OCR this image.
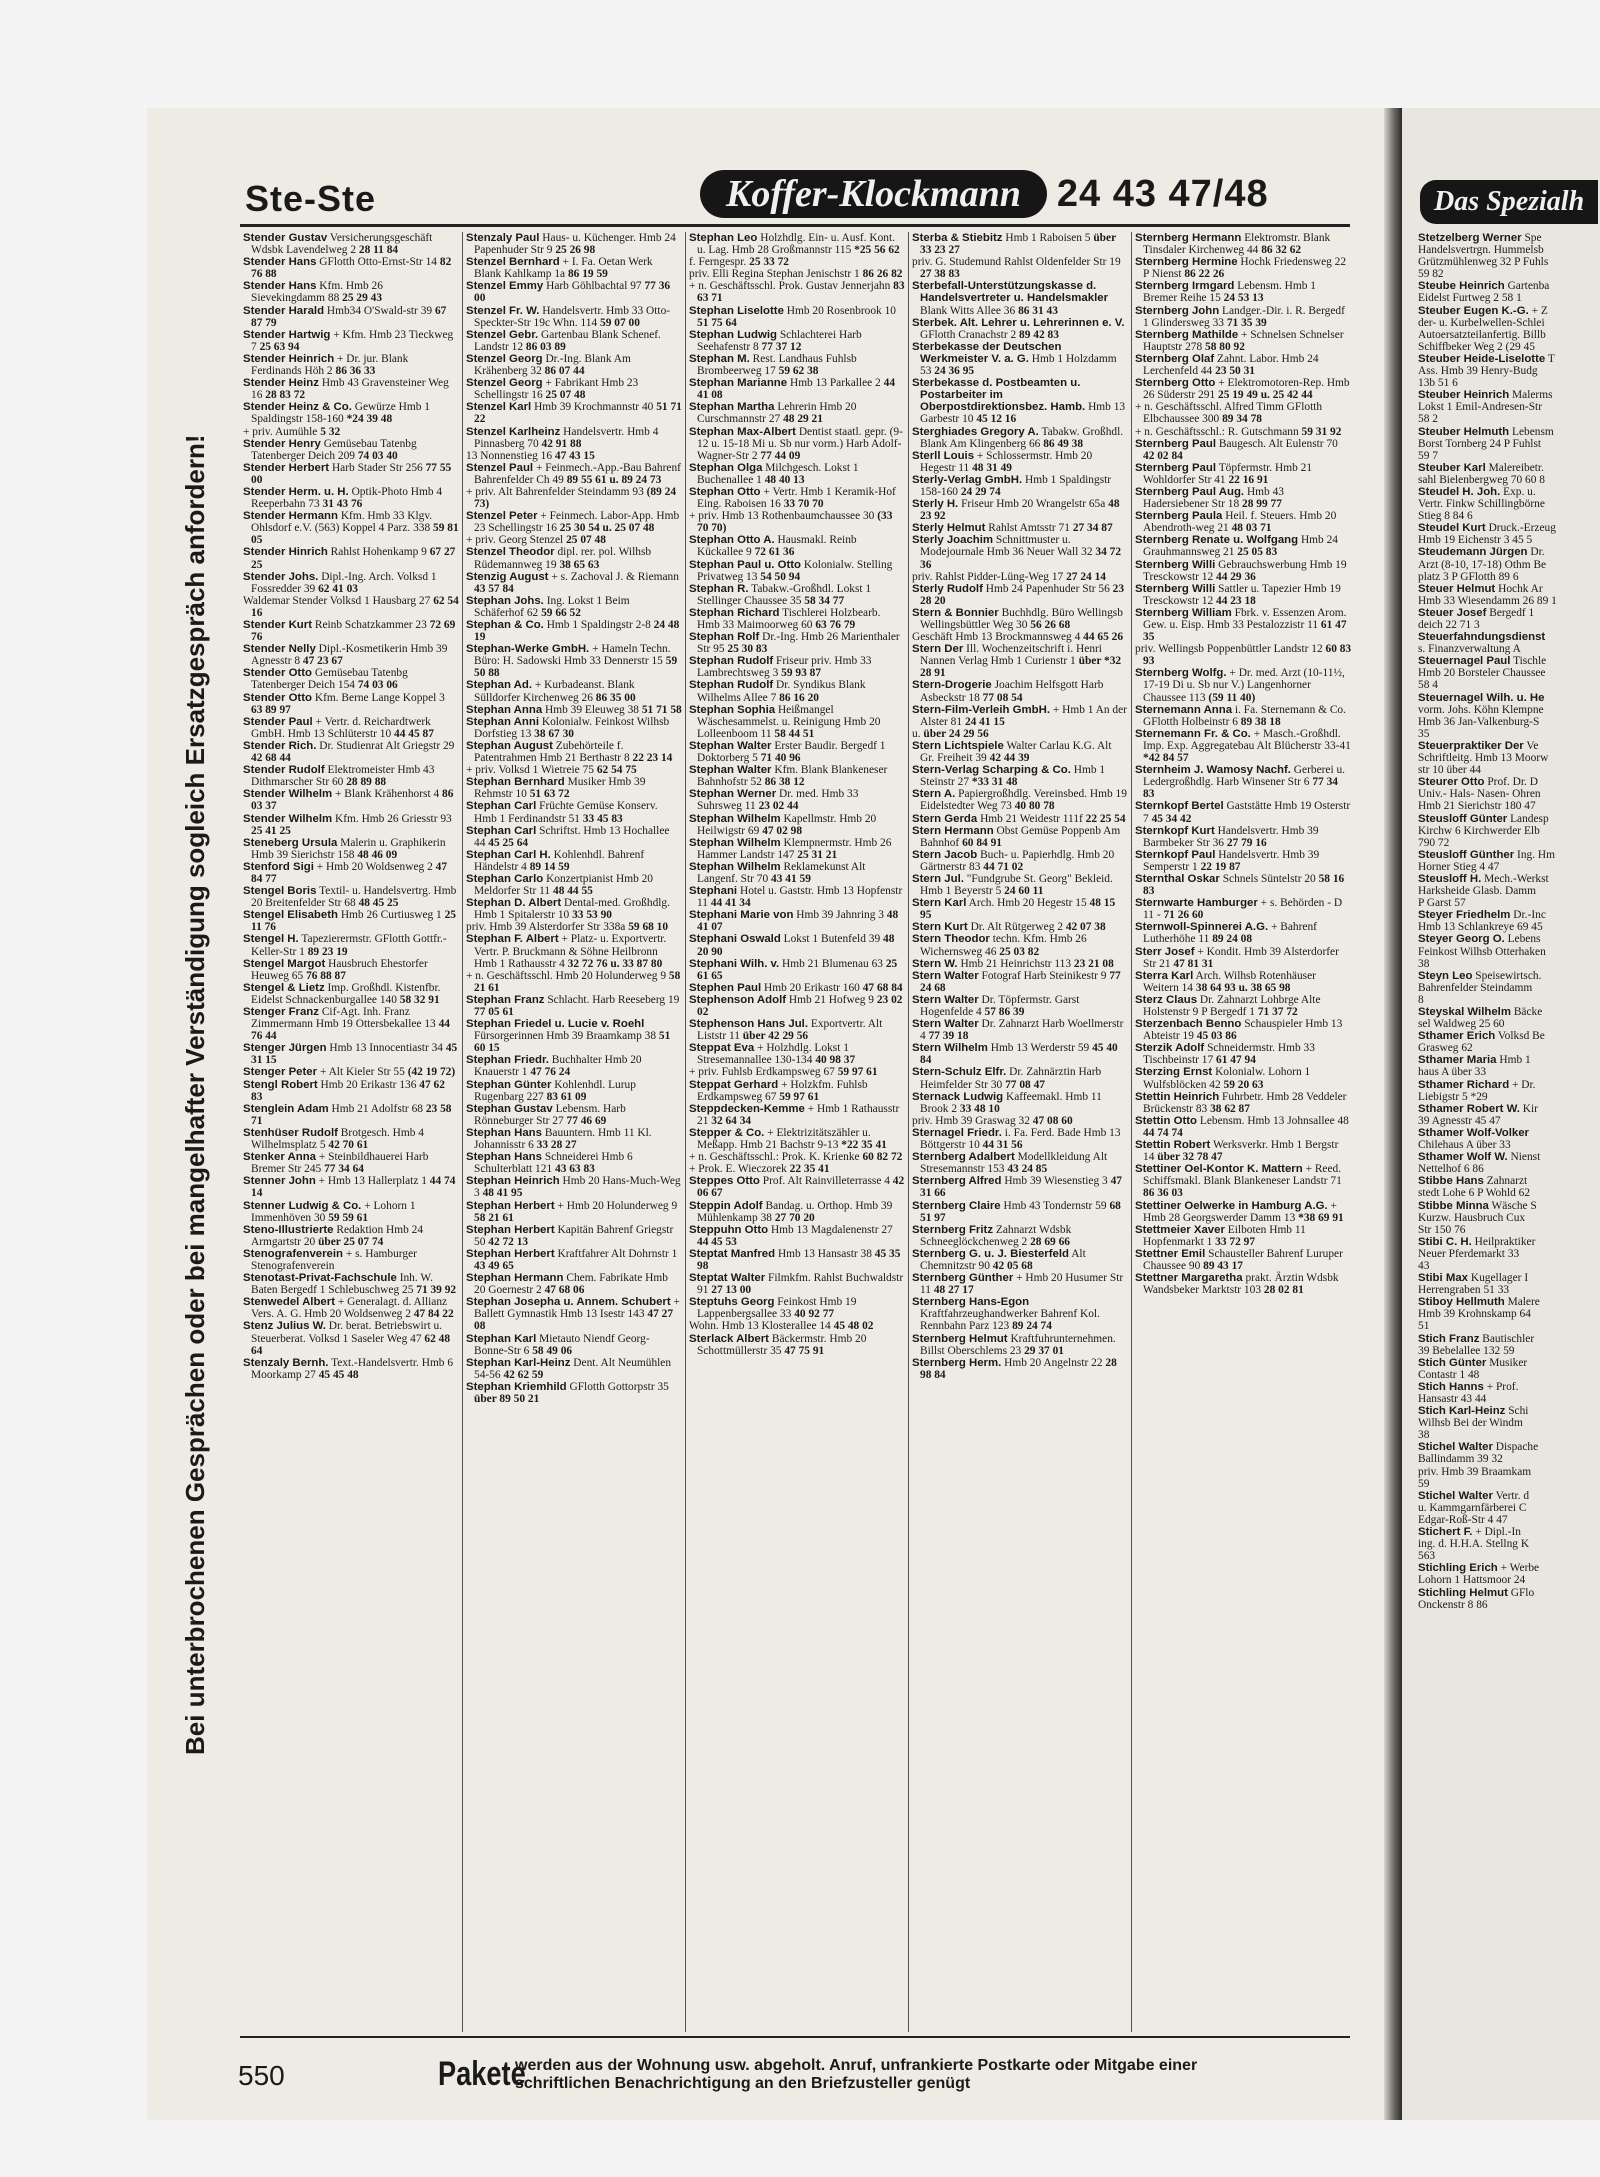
Ste-Ste	Koffer-Klockmann 24 43 47/48
Bei unterbrochenen Gesprächen oder bei mangelhafter Verständigung sogleich Ersatzgespräch anfordern!

Stender Gustav Versicherungsgeschäft Wdsbk Lavendelweg 2 28 11 84

Stender Hans GFlotth Otto-Ernst-Str 14 82 76 88

Stender Hans Kfm. Hmb 26 Sievekingdamm 88 25 29 43

Stender Harald Hmb34 O'Swald-str 39 67 87 79

Stender Hartwig + Kfm. Hmb 23 Tieckweg 7 25 63 94

Stender Heinrich + Dr. jur. Blank Ferdinands Höh 2 86 36 33

Stender Heinz Hmb 43 Gravensteiner Weg 16 28 83 72

Stender Heinz & Co. Gewürze Hmb 1 Spaldingstr 158-160 *24 39 48

+ priv. Aumühle 5 32

Stender Henry Gemüsebau Tatenbg Tatenberger Deich 209 74 03 40

Stender Herbert Harb Stader Str 256 77 55 00

Stender Herm. u. H. Optik-Photo Hmb 4 Reeperbahn 73 31 43 76

Stender Hermann Kfm. Hmb 33 Klgv. Ohlsdorf e.V. (563) Koppel 4 Parz. 338 59 81 05

Stender Hinrich Rahlst Hohenkamp 9 67 27 25

Stender Johs. Dipl.-Ing. Arch. Volksd 1 Fossredder 39 62 41 03

Waldemar Stender Volksd 1 Hausbarg 27 62 54 16

Stender Kurt Reinb Schatzkammer 23 72 69 76

Stender Nelly Dipl.-Kosmetikerin Hmb 39 Agnesstr 8 47 23 67

Stender Otto Gemüsebau Tatenbg Tatenberger Deich 154 74 03 06

Stender Otto Kfm. Berne Lange Koppel 3 63 89 97

Stender Paul + Vertr. d. Reichardtwerk GmbH. Hmb 13 Schlüterstr 10 44 45 87

Stender Rich. Dr. Studienrat Alt Griegstr 29 42 68 44

Stender Rudolf Elektromeister Hmb 43 Dithmarscher Str 60 28 89 88

Stender Wilhelm + Blank Krähenhorst 4 86 03 37

Stender Wilhelm Kfm. Hmb 26 Griesstr 93 25 41 25

Steneberg Ursula Malerin u. Graphikerin Hmb 39 Sierichstr 158 48 46 09

Stenford Sigi + Hmb 20 Woldsenweg 2 47 84 77

Stengel Boris Textil- u. Handelsvertrg. Hmb 20 Breitenfelder Str 68 48 45 25

Stengel Elisabeth Hmb 26 Curtiusweg 1 25 11 76

Stengel H. Tapezierermstr. GFlotth Gottfr.-Keller-Str 1 89 23 19

Stengel Margot Hausbruch Ehestorfer Heuweg 65 76 88 87

Stengel & Lietz Imp. Großhdl. Kistenfbr. Eidelst Schnackenburgallee 140 58 32 91

Stenger Franz Cif-Agt. Inh. Franz Zimmermann Hmb 19 Ottersbekallee 13 44 76 44

Stenger Jürgen Hmb 13 Innocentiastr 34 45 31 15

Stenger Peter + Alt Kieler Str 55 (42 19 72)

Stengl Robert Hmb 20 Erikastr 136 47 62 83

Stenglein Adam Hmb 21 Adolfstr 68 23 58 71

Stenhüser Rudolf Brotgesch. Hmb 4 Wilhelmsplatz 5 42 70 61

Stenker Anna + Steinbildhauerei Harb Bremer Str 245 77 34 64

Stenner John + Hmb 13 Hallerplatz 1 44 74 14

Stenner Ludwig & Co. + Lohorn 1 Immenhöven 30 59 59 61

Steno-Illustrierte Redaktion Hmb 24 Armgartstr 20 über 25 07 74

Stenografenverein + s. Hamburger Stenografenverein

Stenotast-Privat-Fachschule Inh. W. Baten Bergedf 1 Schlebuschweg 25 71 39 92

Stenwedel Albert + Generalagt. d. Allianz Vers. A. G. Hmb 20 Woldsenweg 2 47 84 22

Stenz Julius W. Dr. berat. Betriebswirt u. Steuerberat. Volksd 1 Saseler Weg 47 62 48 64

Stenzaly Bernh. Text.-Handelsvertr. Hmb 6 Moorkamp 27 45 45 48

Stenzaly Paul Haus- u. Küchenger. Hmb 24 Papenhuder Str 9 25 26 98

Stenzel Bernhard + I. Fa. Oetan Werk Blank Kahlkamp 1a 86 19 59

Stenzel Emmy Harb Göhlbachtal 97 77 36 00

Stenzel Fr. W. Handelsvertr. Hmb 33 Otto-Speckter-Str 19c Whn. 114 59 07 00

Stenzel Gebr. Gartenbau Blank Schenef. Landstr 12 86 03 89

Stenzel Georg Dr.-Ing. Blank Am Krähenberg 32 86 07 44

Stenzel Georg + Fabrikant Hmb 23 Schellingstr 16 25 07 48

Stenzel Karl Hmb 39 Krochmannstr 40 51 71 22

Stenzel Karlheinz Handelsvertr. Hmb 4 Pinnasberg 70 42 91 88

13 Nonnenstieg 16 47 43 15

Stenzel Paul + Feinmech.-App.-Bau Bahrenf Bahrenfelder Ch 49 89 55 61 u. 89 24 73

+ priv. Alt Bahrenfelder Steindamm 93 (89 24 73)

Stenzel Peter + Feinmech. Labor-App. Hmb 23 Schellingstr 16 25 30 54 u. 25 07 48

+ priv. Georg Stenzel 25 07 48

Stenzel Theodor dipl. rer. pol. Wilhsb Rüdemannweg 19 38 65 63

Stenzig August + s. Zachoval J. & Riemann 43 57 84

Stephan Johs. Ing. Lokst 1 Beim Schäferhof 62 59 66 52

Stephan & Co. Hmb 1 Spaldingstr 2-8 24 48 19

Stephan-Werke GmbH. + Hameln Techn. Büro: H. Sadowski Hmb 33 Dennerstr 15 59 50 88

Stephan Ad. + Kurbadeanst. Blank Sülldorfer Kirchenweg 26 86 35 00

Stephan Anna Hmb 39 Eleuweg 38 51 71 58

Stephan Anni Kolonialw. Feinkost Wilhsb Dorfstieg 13 38 67 30

Stephan August Zubehörteile f. Patentrahmen Hmb 21 Berthastr 8 22 23 14

+ priv. Volksd 1 Wietreie 75 62 54 75

Stephan Bernhard Musiker Hmb 39 Rehmstr 10 51 63 72

Stephan Carl Früchte Gemüse Konserv. Hmb 1 Ferdinandstr 51 33 45 83

Stephan Carl Schriftst. Hmb 13 Hochallee 44 45 25 64

Stephan Carl H. Kohlenhdl. Bahrenf Händelstr 4 89 14 59

Stephan Carlo Konzertpianist Hmb 20 Meldorfer Str 11 48 44 55

Stephan D. Albert Dental-med. Großhdlg. Hmb 1 Spitalerstr 10 33 53 90

priv. Hmb 39 Alsterdorfer Str 338a 59 68 10

Stephan F. Albert + Platz- u. Exportvertr. Vertr. P. Bruckmann & Söhne Heilbronn Hmb 1 Rathausstr 4 32 72 76 u. 33 87 80

+ n. Geschäftsschl. Hmb 20 Holunderweg 9 58 21 61

Stephan Franz Schlacht. Harb Reeseberg 19 77 05 61

Stephan Friedel u. Lucie v. Roehl Fürsorgerinnen Hmb 39 Braamkamp 38 51 60 15

Stephan Friedr. Buchhalter Hmb 20 Knauerstr 1 47 76 24

Stephan Günter Kohlenhdl. Lurup Rugenbarg 227 83 61 09

Stephan Gustav Lebensm. Harb Rönneburger Str 27 77 46 69

Stephan Hans Bauuntern. Hmb 11 Kl. Johannisstr 6 33 28 27

Stephan Hans Schneiderei Hmb 6 Schulterblatt 121 43 63 83

Stephan Heinrich Hmb 20 Hans-Much-Weg 3 48 41 95

Stephan Herbert + Hmb 20 Holunderweg 9 58 21 61

Stephan Herbert Kapitän Bahrenf Griegstr 50 42 72 13

Stephan Herbert Kraftfahrer Alt Dohrnstr 1 43 49 65

Stephan Hermann Chem. Fabrikate Hmb 20 Goernestr 2 47 68 06

Stephan Josepha u. Annem. Schubert + Ballett Gymnastik Hmb 13 Isestr 143 47 27 08

Stephan Karl Mietauto Niendf Georg-Bonne-Str 6 58 49 06

Stephan Karl-Heinz Dent. Alt Neumühlen 54-56 42 62 59

Stephan Kriemhild GFlotth Gottorpstr 35 über 89 50 21

Stephan Leo Holzhdlg. Ein- u. Ausf. Kont. u. Lag. Hmb 28 Großmannstr 115 *25 56 62

f. Ferngespr. 25 33 72

priv. Elli Regina Stephan Jenischstr 1 86 26 82

+ n. Geschäftsschl. Prok. Gustav Jennerjahn 83 63 71

Stephan Liselotte Hmb 20 Rosenbrook 10 51 75 64

Stephan Ludwig Schlachterei Harb Seehafenstr 8 77 37 12

Stephan M. Rest. Landhaus Fuhlsb Brombeerweg 17 59 62 38

Stephan Marianne Hmb 13 Parkallee 2 44 41 08

Stephan Martha Lehrerin Hmb 20 Curschmannstr 27 48 29 21

Stephan Max-Albert Dentist staatl. gepr. (9-12 u. 15-18 Mi u. Sb nur vorm.) Harb Adolf-Wagner-Str 2 77 44 09

Stephan Olga Milchgesch. Lokst 1 Buchenallee 1 48 40 13

Stephan Otto + Vertr. Hmb 1 Keramik-Hof Eing. Raboisen 16 33 70 70

+ priv. Hmb 13 Rothenbaumchaussee 30 (33 70 70)

Stephan Otto A. Hausmakl. Reinb Kückallee 9 72 61 36

Stephan Paul u. Otto Kolonialw. Stelling Privatweg 13 54 50 94

Stephan R. Tabakw.-Großhdl. Lokst 1 Stellinger Chaussee 35 58 34 77

Stephan Richard Tischlerei Holzbearb. Hmb 33 Maimoorweg 60 63 76 79

Stephan Rolf Dr.-Ing. Hmb 26 Marienthaler Str 95 25 30 83

Stephan Rudolf Friseur priv. Hmb 33 Lambrechtsweg 3 59 93 87

Stephan Rudolf Dr. Syndikus Blank Wilhelms Allee 7 86 16 20

Stephan Sophia Heißmangel Wäschesammelst. u. Reinigung Hmb 20 Lolleenboom 11 58 44 51

Stephan Walter Erster Baudir. Bergedf 1 Doktorberg 5 71 40 96

Stephan Walter Kfm. Blank Blankeneser Bahnhofstr 52 86 38 12

Stephan Werner Dr. med. Hmb 33 Suhrsweg 11 23 02 44

Stephan Wilhelm Kapellmstr. Hmb 20 Heilwigstr 69 47 02 98

Stephan Wilhelm Klempnermstr. Hmb 26 Hammer Landstr 147 25 31 21

Stephan Wilhelm Reklamekunst Alt Langenf. Str 70 43 41 59

Stephani Hotel u. Gaststr. Hmb 13 Hopfenstr 11 44 41 34

Stephani Marie von Hmb 39 Jahnring 3 48 41 07

Stephani Oswald Lokst 1 Butenfeld 39 48 20 90

Stephani Wilh. v. Hmb 21 Blumenau 63 25 61 65

Stephen Paul Hmb 20 Erikastr 160 47 68 84

Stephenson Adolf Hmb 21 Hofweg 9 23 02 02

Stephenson Hans Jul. Exportvertr. Alt Liststr 11 über 42 29 56

Steppat Eva + Holzhdlg. Lokst 1 Stresemannallee 130-134 40 98 37

+ priv. Fuhlsb Erdkampsweg 67 59 97 61

Steppat Gerhard + Holzkfm. Fuhlsb Erdkampsweg 67 59 97 61

Steppdecken-Kemme + Hmb 1 Rathausstr 21 32 64 34

Stepper & Co. + Elektrizitätszähler u. Meßapp. Hmb 21 Bachstr 9-13 *22 35 41

+ n. Geschäftsschl.: Prok. K. Krienke 60 82 72

+ Prok. E. Wieczorek 22 35 41

Steppes Otto Prof. Alt Rainvilleterrasse 4 42 06 67

Steppin Adolf Bandag. u. Orthop. Hmb 39 Mühlenkamp 38 27 70 20

Steppuhn Otto Hmb 13 Magdalenenstr 27 44 45 53

Steptat Manfred Hmb 13 Hansastr 38 45 35 98

Steptat Walter Filmkfm. Rahlst Buchwaldstr 91 27 13 00

Steptuhs Georg Feinkost Hmb 19 Lappenbergsallee 33 40 92 77

Wohn. Hmb 13 Klosterallee 14 45 48 02

Sterlack Albert Bäckermstr. Hmb 20 Schottmüllerstr 35 47 75 91

Sterba & Stiebitz Hmb 1 Raboisen 5 über 33 23 27

priv. G. Studemund Rahlst Oldenfelder Str 19 27 38 83

Sterbefall-Unterstützungskasse d. Handelsvertreter u. Handelsmakler Blank Witts Allee 36 86 31 43

Sterbek. Alt. Lehrer u. Lehrerinnen e. V. GFlotth Cranachstr 2 89 42 83

Sterbekasse der Deutschen Werkmeister V. a. G. Hmb 1 Holzdamm 53 24 36 95

Sterbekasse d. Postbeamten u. Postarbeiter im Oberpostdirektionsbez. Hamb. Hmb 13 Garbestr 10 45 12 16

Sterghiades Gregory A. Tabakw. Großhdl. Blank Am Klingenberg 66 86 49 38

Sterll Louis + Schlossermstr. Hmb 20 Hegestr 11 48 31 49

Sterly-Verlag GmbH. Hmb 1 Spaldingstr 158-160 24 29 74

Sterly H. Friseur Hmb 20 Wrangelstr 65a 48 23 92

Sterly Helmut Rahlst Amtsstr 71 27 34 87

Sterly Joachim Schnittmuster u. Modejournale Hmb 36 Neuer Wall 32 34 72 36

priv. Rahlst Pidder-Lüng-Weg 17 27 24 14

Sterly Rudolf Hmb 24 Papenhuder Str 56 23 28 20

Stern & Bonnier Buchhdlg. Büro Wellingsb Wellingsbüttler Weg 30 56 26 68

Geschäft Hmb 13 Brockmannsweg 4 44 65 26

Stern Der Ill. Wochenzeitschrift i. Henri Nannen Verlag Hmb 1 Curienstr 1 über *32 28 91

Stern-Drogerie Joachim Helfsgott Harb Asbeckstr 18 77 08 54

Stern-Film-Verleih GmbH. + Hmb 1 An der Alster 81 24 41 15

u. über 24 29 56

Stern Lichtspiele Walter Carlau K.G. Alt Gr. Freiheit 39 42 44 39

Stern-Verlag Scharping & Co. Hmb 1 Steinstr 27 *33 31 48

Stern A. Papiergroßhdlg. Vereinsbed. Hmb 19 Eidelstedter Weg 73 40 80 78

Stern Gerda Hmb 21 Weidestr 111f 22 25 54

Stern Hermann Obst Gemüse Poppenb Am Bahnhof 60 84 91

Stern Jacob Buch- u. Papierhdlg. Hmb 20 Gärtnerstr 83 44 71 02

Stern Jul. "Fundgrube St. Georg" Bekleid. Hmb 1 Beyerstr 5 24 60 11

Stern Karl Arch. Hmb 20 Hegestr 15 48 15 95

Stern Kurt Dr. Alt Rütgerweg 2 42 07 38

Stern Theodor techn. Kfm. Hmb 26 Wichernsweg 46 25 03 82

Stern W. Hmb 21 Heinrichstr 113 23 21 08

Stern Walter Fotograf Harb Steinikestr 9 77 24 68

Stern Walter Dr. Töpfermstr. Garst Hogenfelde 4 57 86 39

Stern Walter Dr. Zahnarzt Harb Woellmerstr 4 77 39 18

Stern Wilhelm Hmb 13 Werderstr 59 45 40 84

Stern-Schulz Elfr. Dr. Zahnärztin Harb Heimfelder Str 30 77 08 47

Sternack Ludwig Kaffeemakl. Hmb 11 Brook 2 33 48 10

priv. Hmb 39 Graswag 32 47 08 60

Sternagel Friedr. i. Fa. Ferd. Bade Hmb 13 Böttgerstr 10 44 31 56

Sternberg Adalbert Modellkleidung Alt Stresemannstr 153 43 24 85

Sternberg Alfred Hmb 39 Wiesenstieg 3 47 31 66

Sternberg Claire Hmb 43 Tondernstr 59 68 51 97

Sternberg Fritz Zahnarzt Wdsbk Schneeglöckchenweg 2 28 69 66

Sternberg G. u. J. Biesterfeld Alt Chemnitzstr 90 42 05 68

Sternberg Günther + Hmb 20 Husumer Str 11 48 27 17

Sternberg Hans-Egon Kraftfahrzeughandwerker Bahrenf Kol. Rennbahn Parz 123 89 24 74

Sternberg Helmut Kraftfuhrunternehmen. Billst Oberschlems 23 29 37 01

Sternberg Herm. Hmb 20 Angelnstr 22 28 98 84

Sternberg Hermann Elektromstr. Blank Tinsdaler Kirchenweg 44 86 32 62

Sternberg Hermine Hochk Friedensweg 22 P Nienst 86 22 26

Sternberg Irmgard Lebensm. Hmb 1 Bremer Reihe 15 24 53 13

Sternberg John Landger.-Dir. i. R. Bergedf 1 Glindersweg 33 71 35 39

Sternberg Mathilde + Schnelsen Schnelser Hauptstr 278 58 80 92

Sternberg Olaf Zahnt. Labor. Hmb 24 Lerchenfeld 44 23 50 31

Sternberg Otto + Elektromotoren-Rep. Hmb 26 Süderstr 291 25 19 49 u. 25 42 44

+ n. Geschäftsschl. Alfred Timm GFlotth Elbchaussee 300 89 34 78

+ n. Geschäftsschl.: R. Gutschmann 59 31 92

Sternberg Paul Baugesch. Alt Eulenstr 70 42 02 84

Sternberg Paul Töpfermstr. Hmb 21 Wohldorfer Str 41 22 16 91

Sternberg Paul Aug. Hmb 43 Hadersiebener Str 18 28 99 77

Sternberg Paula Heil. f. Steuers. Hmb 20 Abendroth-weg 21 48 03 71

Sternberg Renate u. Wolfgang Hmb 24 Grauhmannsweg 21 25 05 83

Sternberg Willi Gebrauchswerbung Hmb 19 Tresckowstr 12 44 29 36

Sternberg Willi Sattler u. Tapezier Hmb 19 Tresckowstr 12 44 23 18

Sternberg William Fbrk. v. Essenzen Arom. Gew. u. Eisp. Hmb 33 Pestalozzistr 11 61 47 35

priv. Wellingsb Poppenbüttler Landstr 12 60 83 93

Sternberg Wolfg. + Dr. med. Arzt (10-11½, 17-19 Di u. Sb nur V.) Langenhorner Chaussee 113 (59 11 40)

Sternemann Anna i. Fa. Sternemann & Co. GFlotth Holbeinstr 6 89 38 18

Sternemann Fr. & Co. + Masch.-Großhdl. Imp. Exp. Aggregatebau Alt Blücherstr 33-41 *42 84 57

Sternheim J. Wamosy Nachf. Gerberei u. Ledergroßhdlg. Harb Winsener Str 6 77 34 83

Sternkopf Bertel Gaststätte Hmb 19 Osterstr 7 45 34 42

Sternkopf Kurt Handelsvertr. Hmb 39 Barmbeker Str 36 27 79 16

Sternkopf Paul Handelsvertr. Hmb 39 Semperstr 1 22 19 87

Sternthal Oskar Schnels Süntelstr 20 58 16 83

Sternwarte Hamburger + s. Behörden - D 11 - 71 26 60

Sternwoll-Spinnerei A.G. + Bahrenf Lutherhöhe 11 89 24 08

Sterr Josef + Kondit. Hmb 39 Alsterdorfer Str 21 47 81 31

Sterra Karl Arch. Wilhsb Rotenhäuser Weitern 14 38 64 93 u. 38 65 98

Sterz Claus Dr. Zahnarzt Lohbrge Alte Holstenstr 9 P Bergedf 1 71 37 72

Sterzenbach Benno Schauspieler Hmb 13 Abteistr 19 45 03 86

Sterzik Adolf Schneidermstr. Hmb 33 Tischbeinstr 17 61 47 94

Sterzing Ernst Kolonialw. Lohorn 1 Wulfsblöcken 42 59 20 63

Stettin Heinrich Fuhrbetr. Hmb 28 Veddeler Brückenstr 83 38 62 87

Stettin Otto Lebensm. Hmb 13 Johnsallee 48 44 74 74

Stettin Robert Werksverkr. Hmb 1 Bergstr 14 über 32 78 47

Stettiner Oel-Kontor K. Mattern + Reed. Schiffsmakl. Blank Blankeneser Landstr 71 86 36 03

Stettiner Oelwerke in Hamburg A.G. + Hmb 28 Georgswerder Damm 13 *38 69 91

Stettmeier Xaver Eilboten Hmb 11 Hopfenmarkt 1 33 72 97

Stettner Emil Schausteller Bahrenf Luruper Chaussee 90 89 43 17

Stettner Margaretha prakt. Ärztin Wdsbk Wandsbeker Marktstr 103 28 02 81

Das Spezialh

Stetzelberg Werner Spe

Handelsvertrgn. Hummelsb

Grützmühlenweg 32 P Fuhls

59 82

Steube Heinrich Gartenba

Eidelst Furtweg 2 58 1

Steuber Eugen K.-G. + Z

der- u. Kurbelwellen-Schlei

Autoersatzteilanfertig. Billb

Schiffbeker Weg 2 (29 45

Steuber Heide-Liselotte T

Ass. Hmb 39 Henry-Budg

13b 51 6

Steuber Heinrich Malerms

Lokst 1 Emil-Andresen-Str

58 2

Steuber Helmuth Lebensm

Borst Tornberg 24 P Fuhlst

59 7

Steuber Karl Malereibetr.

sahl Bielenbergweg 70 60 8

Steudel H. Joh. Exp. u.

Vertr. Finkw Schillingbörne

Stieg 8 84 6

Steudel Kurt Druck.-Erzeug

Hmb 19 Eichenstr 3 45 5

Steudemann Jürgen Dr.

Arzt (8-10, 17-18) Othm Be

platz 3 P GFlotth 89 6

Steuer Helmut Hochk Ar

Hmb 33 Wiesendamm 26 89 1

Steuer Josef Bergedf 1

deich 22 71 3

Steuerfahndungsdienst

s. Finanzverwaltung A

Steuernagel Paul Tischle

Hmb 20 Borsteler Chaussee

58 4

Steuernagel Wilh. u. He

vorm. Johs. Köhn Klempne

Hmb 36 Jan-Valkenburg-S

35

Steuerpraktiker Der Ve

Schriftleitg. Hmb 13 Moorw

str 10 über 44

Steurer Otto Prof. Dr. D

Univ.- Hals- Nasen- Ohren

Hmb 21 Sierichstr 180 47

Steusloff Günter Landesp

Kirchw 6 Kirchwerder Elb

790 72

Steusloff Günther Ing. Hm

Horner Stieg 4 47

Steusloff H. Mech.-Werkst

Harksheide Glasb. Damm

P Garst 57

Steyer Friedhelm Dr.-Inc

Hmb 13 Schlankreye 69 45

Steyer Georg O. Lebens

Feinkost Wilhsb Otterhaken

38

Steyn Leo Speisewirtsch.

Bahrenfelder Steindamm

8

Steyskal Wilhelm Bäcke

sel Waldweg 25 60

Sthamer Erich Volksd Be

Grasweg 62

Sthamer Maria Hmb 1

haus A über 33

Sthamer Richard + Dr.

Liebigstr 5 *29

Sthamer Robert W. Kir

39 Agnesstr 45 47

Sthamer Wolf-Volker

Chilehaus A über 33

Sthamer Wolf W. Nienst

Nettelhof 6 86

Stibbe Hans Zahnarzt

stedt Lohe 6 P Wohld 62

Stibbe Minna Wäsche S

Kurzw. Hausbruch Cux

Str 150 76

Stibi C. H. Heilpraktiker

Neuer Pferdemarkt 33

43

Stibi Max Kugellager I

Herrengraben 51 33

Stiboy Hellmuth Malere

Hmb 39 Krohnskamp 64

51

Stich Franz Bautischler

39 Bebelallee 132 59

Stich Günter Musiker

Contastr 1 48

Stich Hanns + Prof.

Hansastr 43 44

Stich Karl-Heinz Schi

Wilhsb Bei der Windm

38

Stichel Walter Dispache

Ballindamm 39 32

priv. Hmb 39 Braamkam

59

Stichel Walter Vertr. d

u. Kammgarnfärberei C

Edgar-Roß-Str 4 47

Stichert F. + Dipl.-In

ing. d. H.H.A. Stellng K

563

Stichling Erich + Werbe

Lohorn 1 Hattsmoor 24

Stichling Helmut GFlo

Onckenstr 8 86

550	Pakete
werden aus der Wohnung usw. abgeholt. Anruf, unfrankierte Postkarte oder Mitgabe einer schriftlichen Benachrichtigung an den Briefzusteller genügt
